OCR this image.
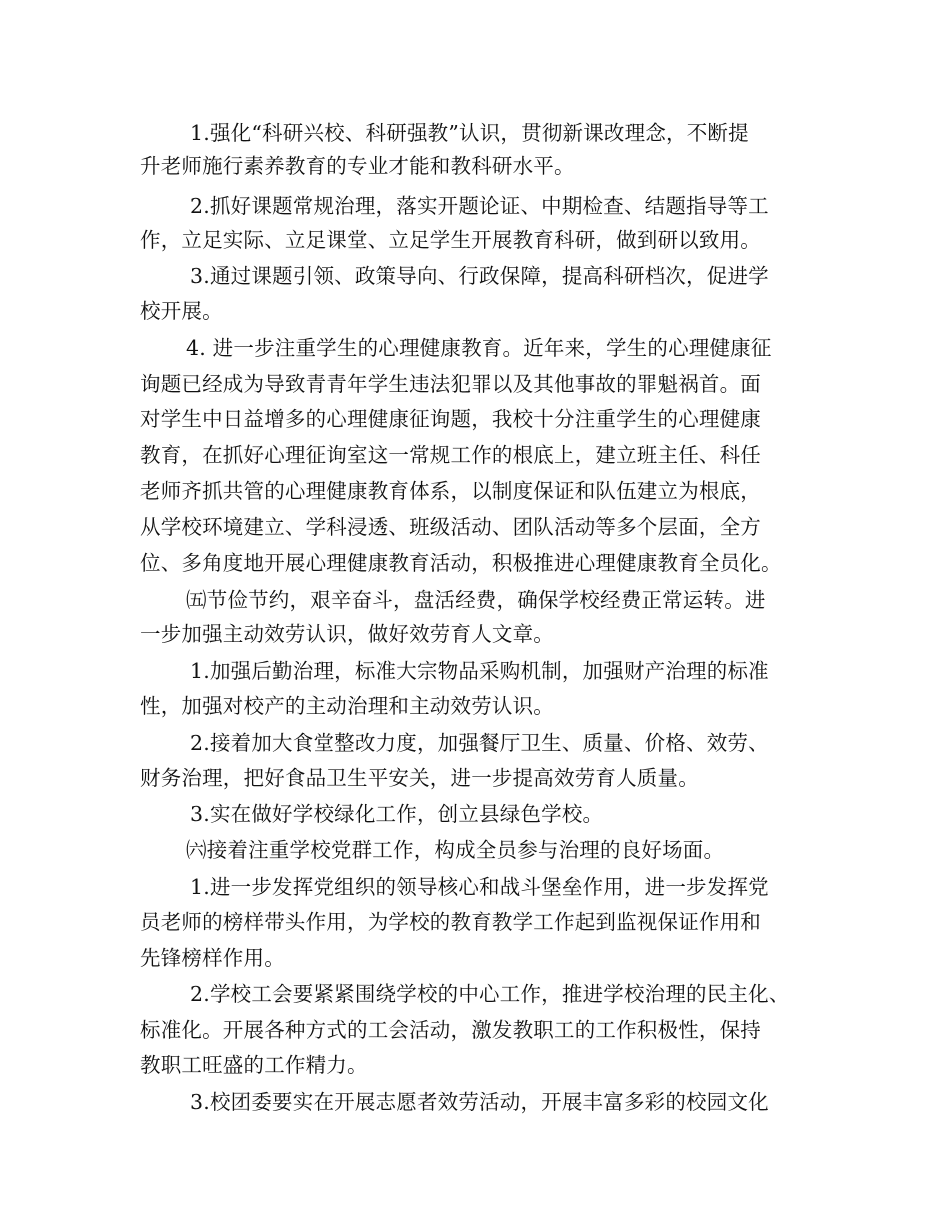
1.强化“科研兴校、科研强教”认识，贯彻新课改理念，不断提
升老师施行素养教育的专业才能和教科研水平。
2.抓好课题常规治理，落实开题论证、中期检查、结题指导等工
作，立足实际、立足课堂、立足学生开展教育科研，做到研以致用。
3.通过课题引领、政策导向、行政保障，提高科研档次，促进学
校开展。
4. 进一步注重学生的心理健康教育。近年来，学生的心理健康征
询题已经成为导致青青年学生违法犯罪以及其他事故的罪魁祸首。面
对学生中日益增多的心理健康征询题，我校十分注重学生的心理健康
教育，在抓好心理征询室这一常规工作的根底上，建立班主任、科任
老师齐抓共管的心理健康教育体系，以制度保证和队伍建立为根底，
从学校环境建立、学科浸透、班级活动、团队活动等多个层面，全方
位、多角度地开展心理健康教育活动，积极推进心理健康教育全员化。
㈤节俭节约，艰辛奋斗，盘活经费，确保学校经费正常运转。进
一步加强主动效劳认识，做好效劳育人文章。
1.加强后勤治理，标准大宗物品采购机制，加强财产治理的标准
性，加强对校产的主动治理和主动效劳认识。
2.接着加大食堂整改力度，加强餐厅卫生、质量、价格、效劳、
财务治理，把好食品卫生平安关，进一步提高效劳育人质量。
3.实在做好学校绿化工作，创立县绿色学校。
㈥接着注重学校党群工作，构成全员参与治理的良好场面。
1.进一步发挥党组织的领导核心和战斗堡垒作用，进一步发挥党
员老师的榜样带头作用，为学校的教育教学工作起到监视保证作用和
先锋榜样作用。
2.学校工会要紧紧围绕学校的中心工作，推进学校治理的民主化、
标准化。开展各种方式的工会活动，激发教职工的工作积极性，保持
教职工旺盛的工作精力。
3.校团委要实在开展志愿者效劳活动，开展丰富多彩的校园文化
